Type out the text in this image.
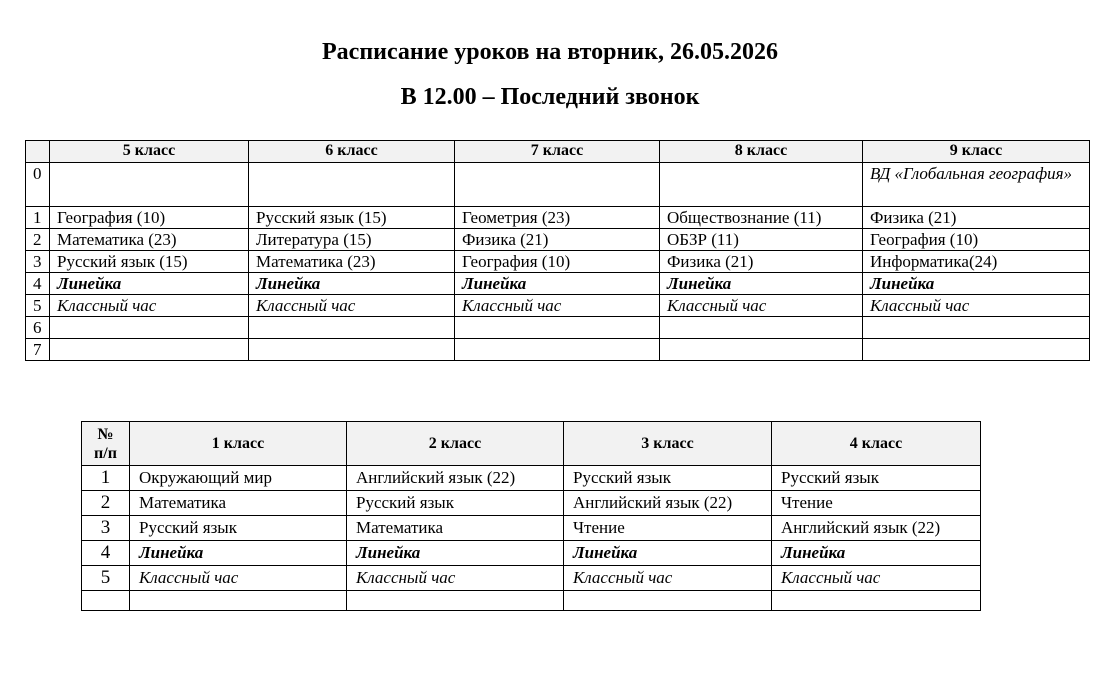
Расписание уроков на вторник, 26.05.2026
В 12.00 – Последний звонок
	5 класс	6 класс	7 класс	8 класс	9 класс
0					ВД «Глобальная география»
1	География (10)	Русский язык (15)	Геометрия (23)	Обществознание (11)	Физика (21)
2	Математика (23)	Литература (15)	Физика (21)	ОБЗР (11)	География (10)
3	Русский язык (15)	Математика (23)	География (10)	Физика (21)	Информатика(24)
4	Линейка	Линейка	Линейка	Линейка	Линейка
5	Классный час	Классный час	Классный час	Классный час	Классный час
6					
7					
№
п/п	1 класс	2 класс	3 класс	4 класс
1	Окружающий мир	Английский язык (22)	Русский язык	Русский язык
2	Математика	Русский язык	Английский язык (22)	Чтение
3	Русский язык	Математика	Чтение	Английский язык (22)
4	Линейка	Линейка	Линейка	Линейка
5	Классный час	Классный час	Классный час	Классный час
